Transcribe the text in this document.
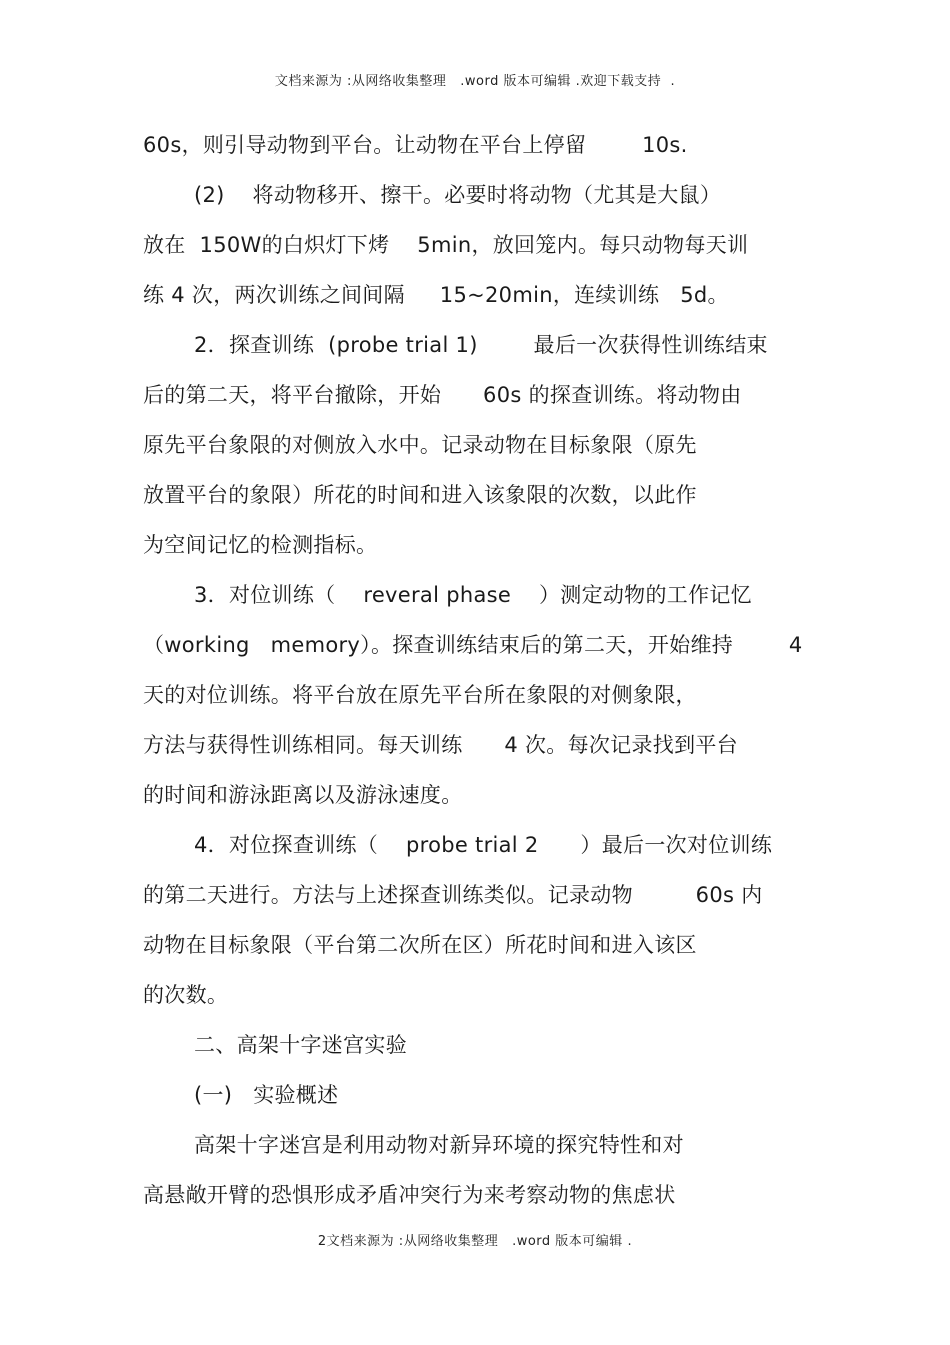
文档来源为 :从网络收集整理   .word 版本可编辑 .欢迎下载支持  .
60s，则引导动物到平台。让动物在平台上停留        10s.
(2)    将动物移开、擦干。必要时将动物（尤其是大鼠）
放在  150W的白炽灯下烤    5min，放回笼内。每只动物每天训
练 4 次，两次训练之间间隔     15~20min，连续训练   5d。
2．探查训练  (probe trial 1)        最后一次获得性训练结束
后的第二天，将平台撤除，开始      60s 的探查训练。将动物由
原先平台象限的对侧放入水中。记录动物在目标象限（原先
放置平台的象限）所花的时间和进入该象限的次数，以此作
为空间记忆的检测指标。
3．对位训练（    reveral phase    ）测定动物的工作记忆
（working   memory）。探查训练结束后的第二天，开始维持        4
天的对位训练。将平台放在原先平台所在象限的对侧象限，
方法与获得性训练相同。每天训练      4 次。每次记录找到平台
的时间和游泳距离以及游泳速度。
4．对位探查训练（    probe trial 2      ）最后一次对位训练
的第二天进行。方法与上述探查训练类似。记录动物         60s 内
动物在目标象限（平台第二次所在区）所花时间和进入该区
的次数。
二、高架十字迷宫实验
(一)   实验概述
高架十字迷宫是利用动物对新异环境的探究特性和对
高悬敞开臂的恐惧形成矛盾冲突行为来考察动物的焦虑状
2文档来源为 :从网络收集整理   .word 版本可编辑 .
